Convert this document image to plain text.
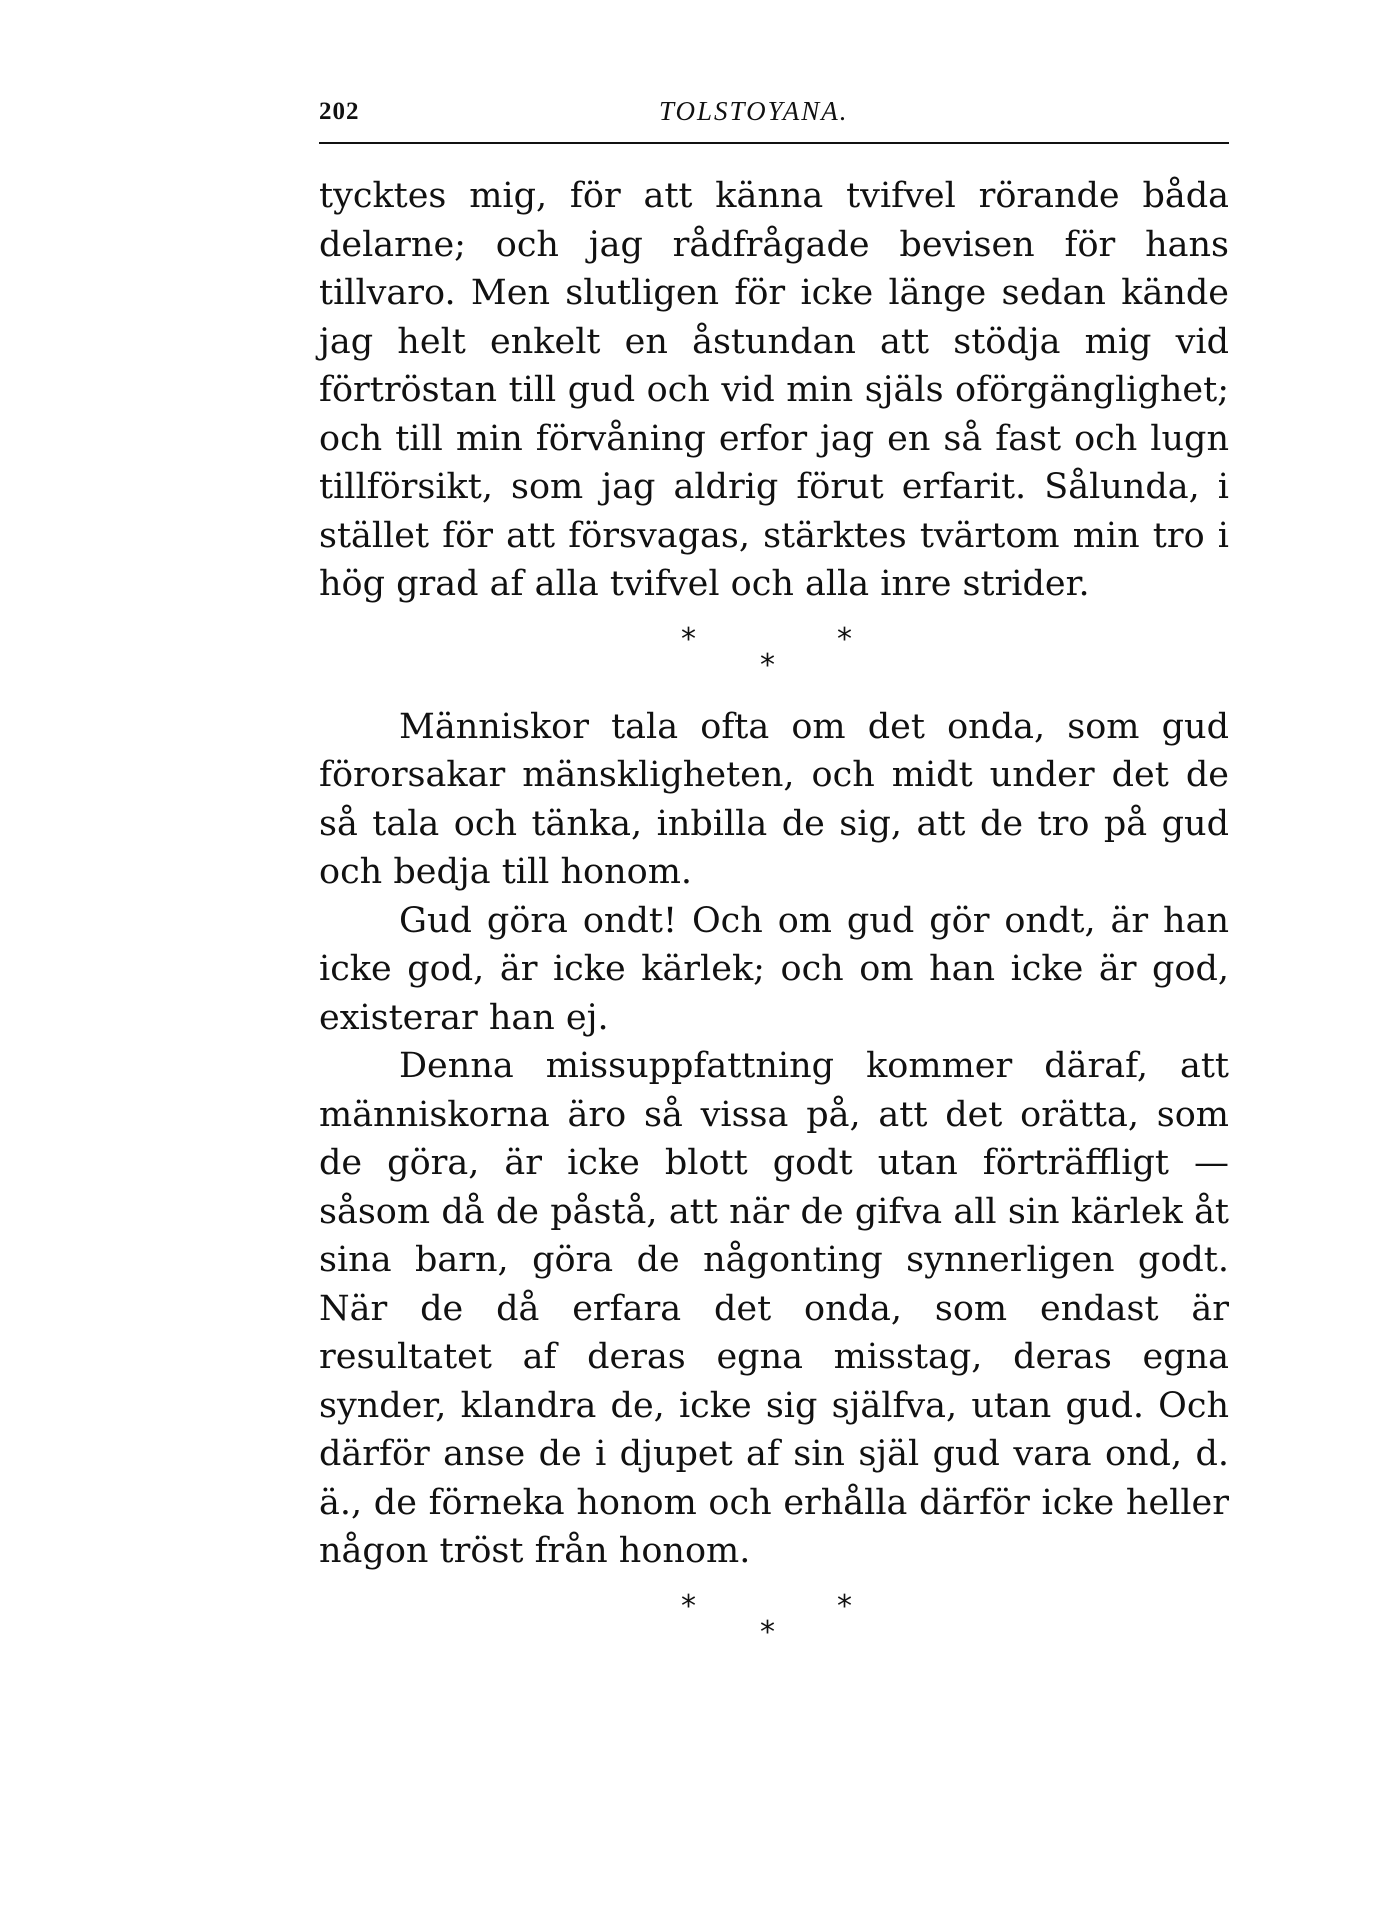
202	TOLSTOYANA.

tycktes mig, för att känna tvifvel rörande båda delarne; och jag rådfrågade bevisen för hans tillvaro. Men slutligen för icke länge sedan kände jag helt enkelt en åstundan att stödja mig vid förtröstan till gud och vid min själs oförgänglighet; och till min förvåning erfor jag en så fast och lugn tillförsikt, som jag aldrig förut erfarit. Sålunda, i stället för att försvagas, stärktes tvärtom min tro i hög grad af alla tvifvel och alla inre strider.

*	*
*

Människor tala ofta om det onda, som gud förorsakar mänskligheten, och midt under det de så tala och tänka, inbilla de sig, att de tro på gud och bedja till honom.

Gud göra ondt! Och om gud gör ondt, är han icke god, är icke kärlek; och om han icke är god, existerar han ej.

Denna missuppfattning kommer däraf, att människorna äro så vissa på, att det orätta, som de göra, är icke blott godt utan förträffligt — såsom då de påstå, att när de gifva all sin kärlek åt sina barn, göra de någonting synnerligen godt. När de då erfara det onda, som endast är resultatet af deras egna misstag, deras egna synder, klandra de, icke sig själfva, utan gud. Och därför anse de i djupet af sin själ gud vara ond, d. ä., de förneka honom och erhålla därför icke heller någon tröst från honom.

*	*
*
